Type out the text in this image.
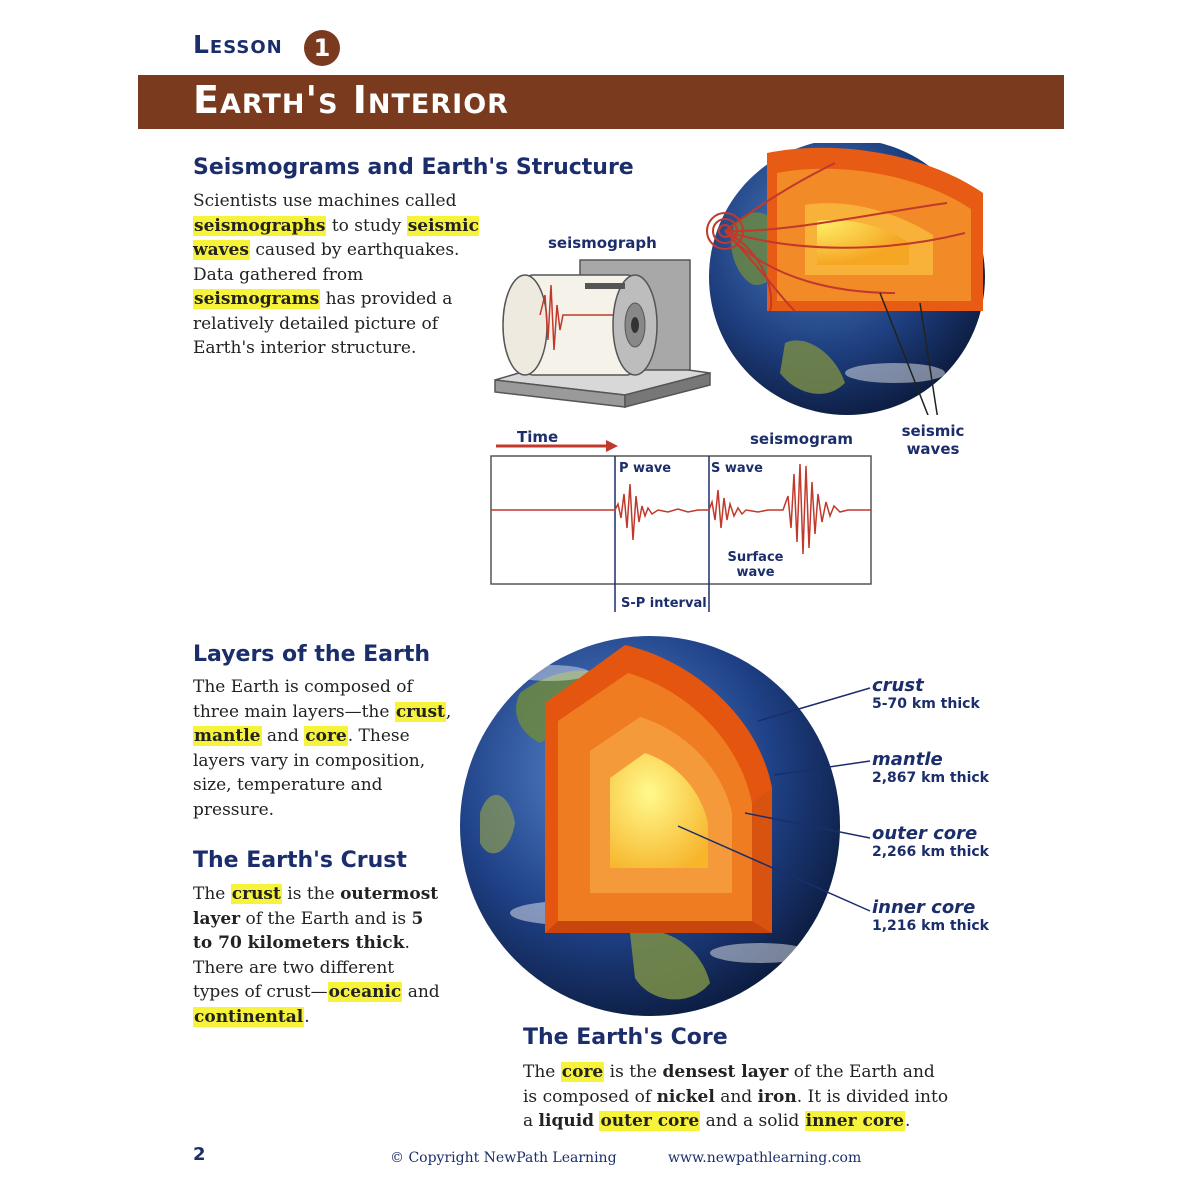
Lesson	1
Earth's Interior
Seismograms and Earth's Structure
Scientists use machines called seismographs to study seismic waves caused by earthquakes. Data gathered from seismograms has provided a relatively detailed picture of Earth's interior structure.
seismograph
seismic
waves
Time	seismogram
P wave	S wave
Surface
wave
S-P interval
Layers of the Earth
The Earth is composed of three main layers—the crust, mantle and core. These layers vary in composition, size, temperature and pressure.
The Earth's Crust
The crust is the outermost layer of the Earth and is 5 to 70 kilometers thick. There are two different types of crust—oceanic and continental.
crust
5-70 km thick
mantle
2,867 km thick
outer core
2,266 km thick
inner core
1,216 km thick
The Earth's Core
The core is the densest layer of the Earth and is composed of nickel and iron. It is divided into a liquid outer core and a solid inner core.
2	© Copyright NewPath Learning	www.newpathlearning.com
